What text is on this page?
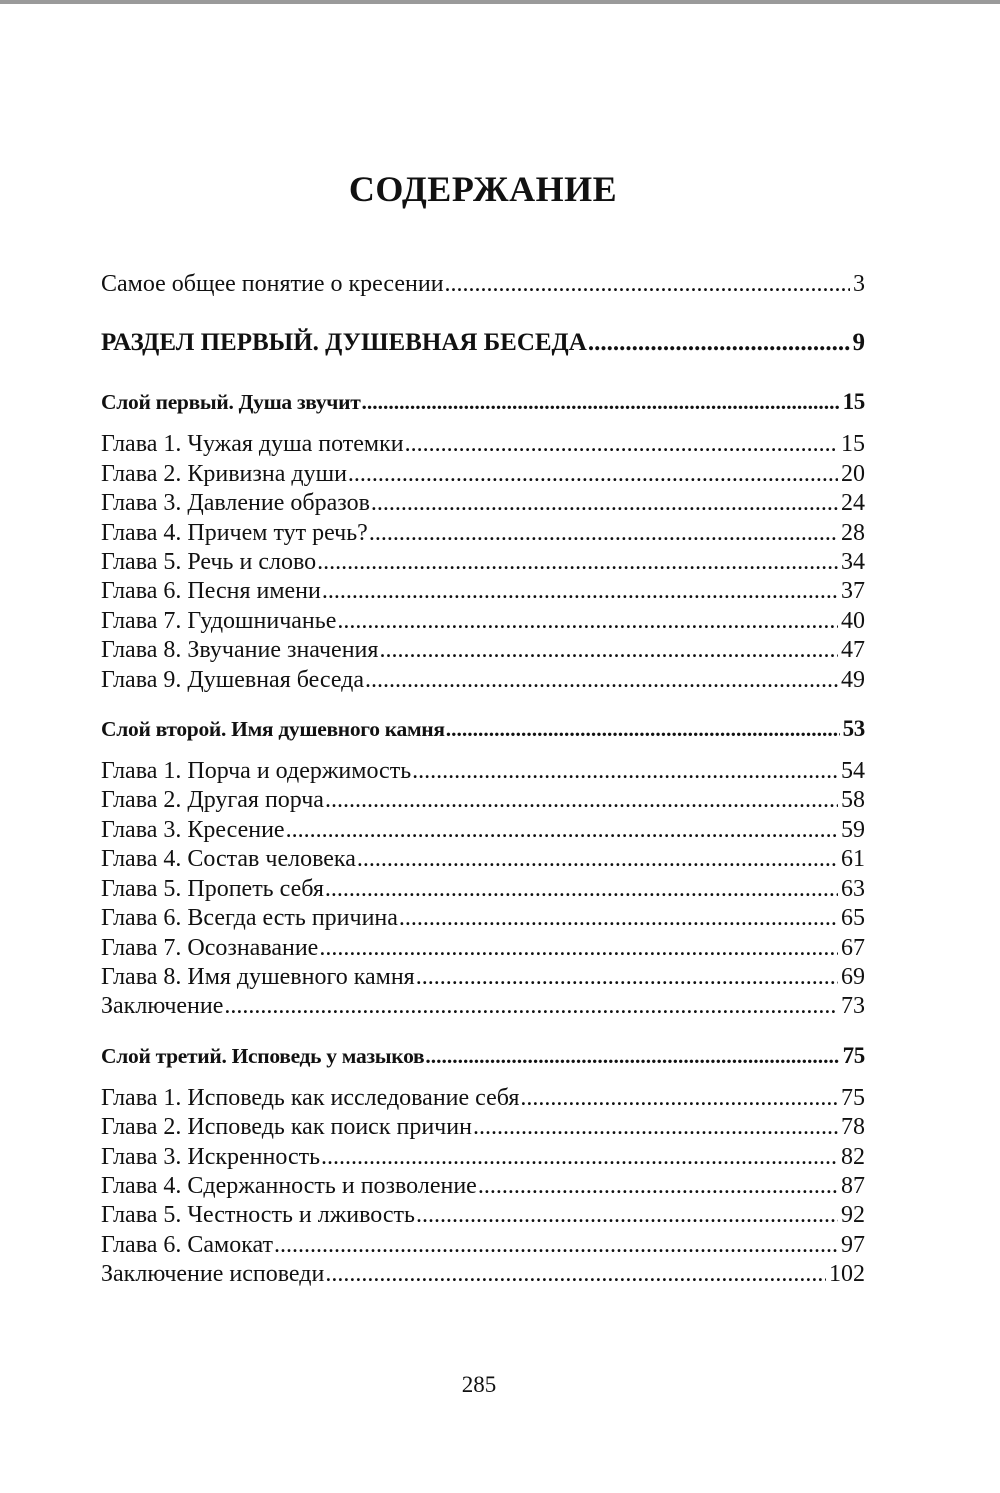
СОДЕРЖАНИЕ
Самое общее понятие о кресении .....	3
РАЗДЕЛ ПЕРВЫЙ. ДУШЕВНАЯ БЕСЕДА .....	9
Слой первый. Душа звучит .....	15
Глава 1. Чужая душа потемки .....	15
Глава 2. Кривизна души .....	20
Глава 3. Давление образов .....	24
Глава 4. Причем тут речь? .....	28
Глава 5. Речь и слово .....	34
Глава 6. Песня имени .....	37
Глава 7. Гудошничанье .....	40
Глава 8. Звучание значения .....	47
Глава 9. Душевная беседа .....	49
Слой второй. Имя душевного камня .....	53
Глава 1. Порча и одержимость .....	54
Глава 2. Другая порча .....	58
Глава 3. Кресение .....	59
Глава 4. Состав человека .....	61
Глава 5. Пропеть себя .....	63
Глава 6. Всегда есть причина .....	65
Глава 7. Осознавание .....	67
Глава 8. Имя душевного камня .....	69
Заключение .....	73
Слой третий. Исповедь у мазыков .....	75
Глава 1. Исповедь как исследование себя .....	75
Глава 2. Исповедь как поиск причин .....	78
Глава 3. Искренность .....	82
Глава 4. Сдержанность и позволение .....	87
Глава 5. Честность и лживость .....	92
Глава 6. Самокат .....	97
Заключение исповеди .....	102
285
